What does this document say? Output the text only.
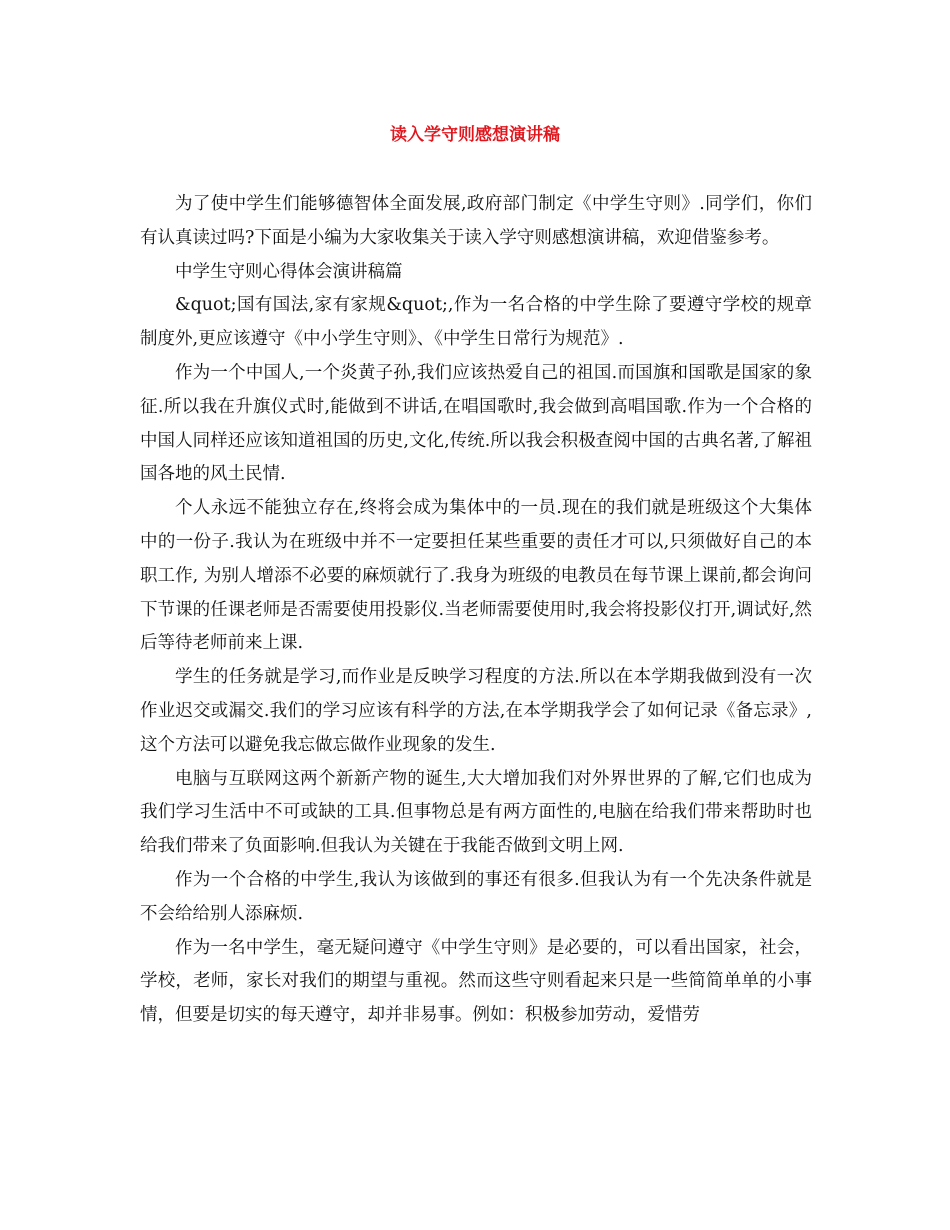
读入学守则感想演讲稿

为了使中学生们能够德智体全面发展,政府部门制定《中学生守则》.同学们，你们有认真读过吗?下面是小编为大家收集关于读入学守则感想演讲稿，欢迎借鉴参考。

中学生守则心得体会演讲稿篇

&quot;国有国法,家有家规&quot;,作为一名合格的中学生除了要遵守学校的规章制度外,更应该遵守《中小学生守则》、《中学生日常行为规范》.

作为一个中国人,一个炎黄子孙,我们应该热爱自己的祖国.而国旗和国歌是国家的象征.所以我在升旗仪式时,能做到不讲话,在唱国歌时,我会做到高唱国歌.作为一个合格的中国人同样还应该知道祖国的历史,文化,传统.所以我会积极查阅中国的古典名著,了解祖国各地的风土民情.

个人永远不能独立存在,终将会成为集体中的一员.现在的我们就是班级这个大集体中的一份子.我认为在班级中并不一定要担任某些重要的责任才可以,只须做好自己的本职工作, 为别人增添不必要的麻烦就行了.我身为班级的电教员在每节课上课前,都会询问下节课的任课老师是否需要使用投影仪.当老师需要使用时,我会将投影仪打开,调试好,然后等待老师前来上课.

学生的任务就是学习,而作业是反映学习程度的方法.所以在本学期我做到没有一次作业迟交或漏交.我们的学习应该有科学的方法,在本学期我学会了如何记录《备忘录》,这个方法可以避免我忘做忘做作业现象的发生.

电脑与互联网这两个新新产物的诞生,大大增加我们对外界世界的了解,它们也成为我们学习生活中不可或缺的工具.但事物总是有两方面性的,电脑在给我们带来帮助时也给我们带来了负面影响.但我认为关键在于我能否做到文明上网.

作为一个合格的中学生,我认为该做到的事还有很多.但我认为有一个先决条件就是不会给给别人添麻烦.

作为一名中学生，毫无疑问遵守《中学生守则》是必要的，可以看出国家，社会，学校，老师，家长对我们的期望与重视。然而这些守则看起来只是一些简简单单的小事情，但要是切实的每天遵守，却并非易事。例如：积极参加劳动，爱惜劳
